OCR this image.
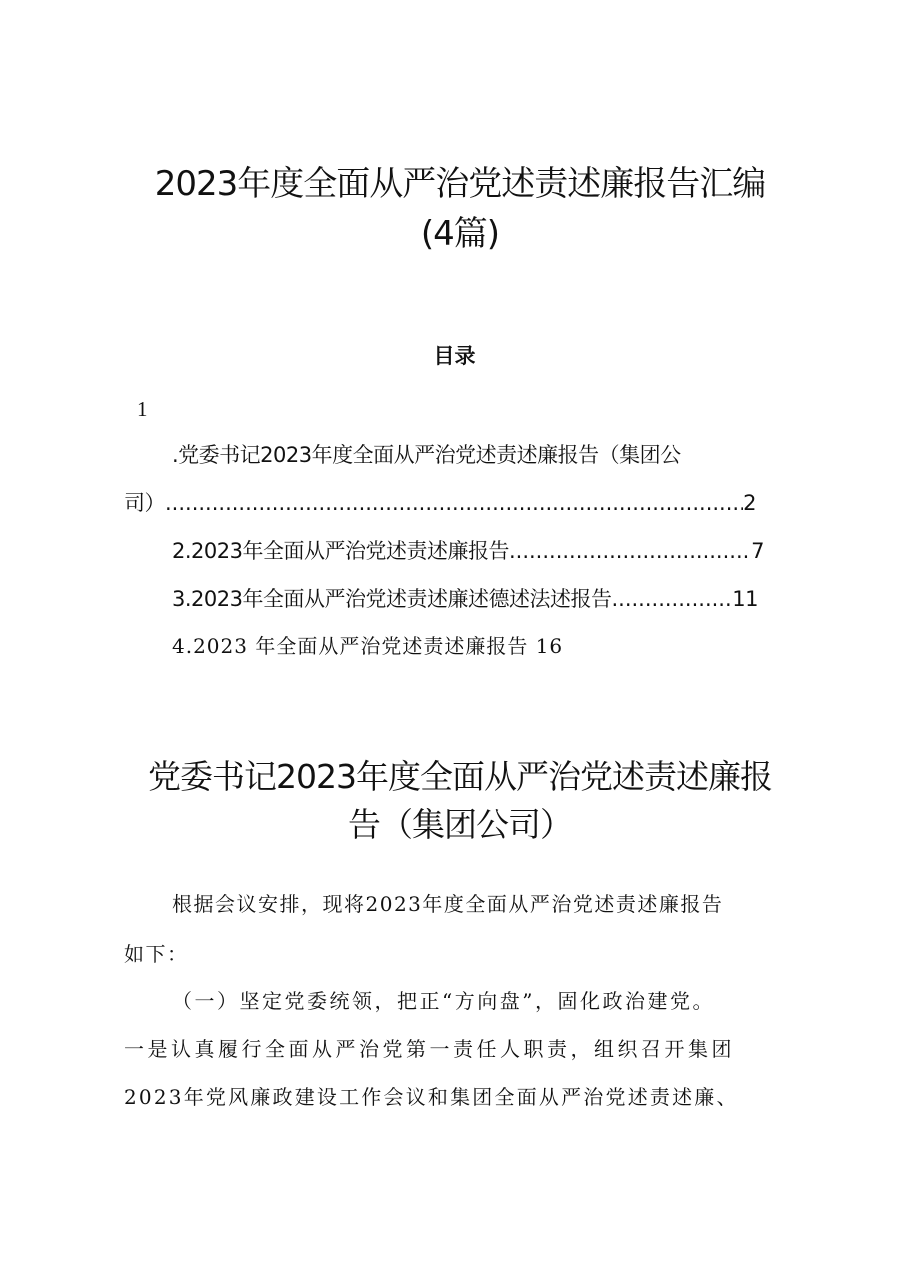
2023年度全面从严治党述责述廉报告汇编
(4篇)
目录
1
.党委书记2023年度全面从严治党述责述廉报告（集团公
司） .....	2
2.2023年全面从严治党述责述廉报告 .....	7
3.2023年全面从严治党述责述廉述德述法述报告 .....	11
4.2023 年全面从严治党述责述廉报告 16
党委书记2023年度全面从严治党述责述廉报
告（集团公司）
根据会议安排，现将2023年度全面从严治党述责述廉报告
如下：
（一）坚定党委统领，把正“方向盘”，固化政治建党。
一是认真履行全面从严治党第一责任人职责，组织召开集团
2023年党风廉政建设工作会议和集团全面从严治党述责述廉、
